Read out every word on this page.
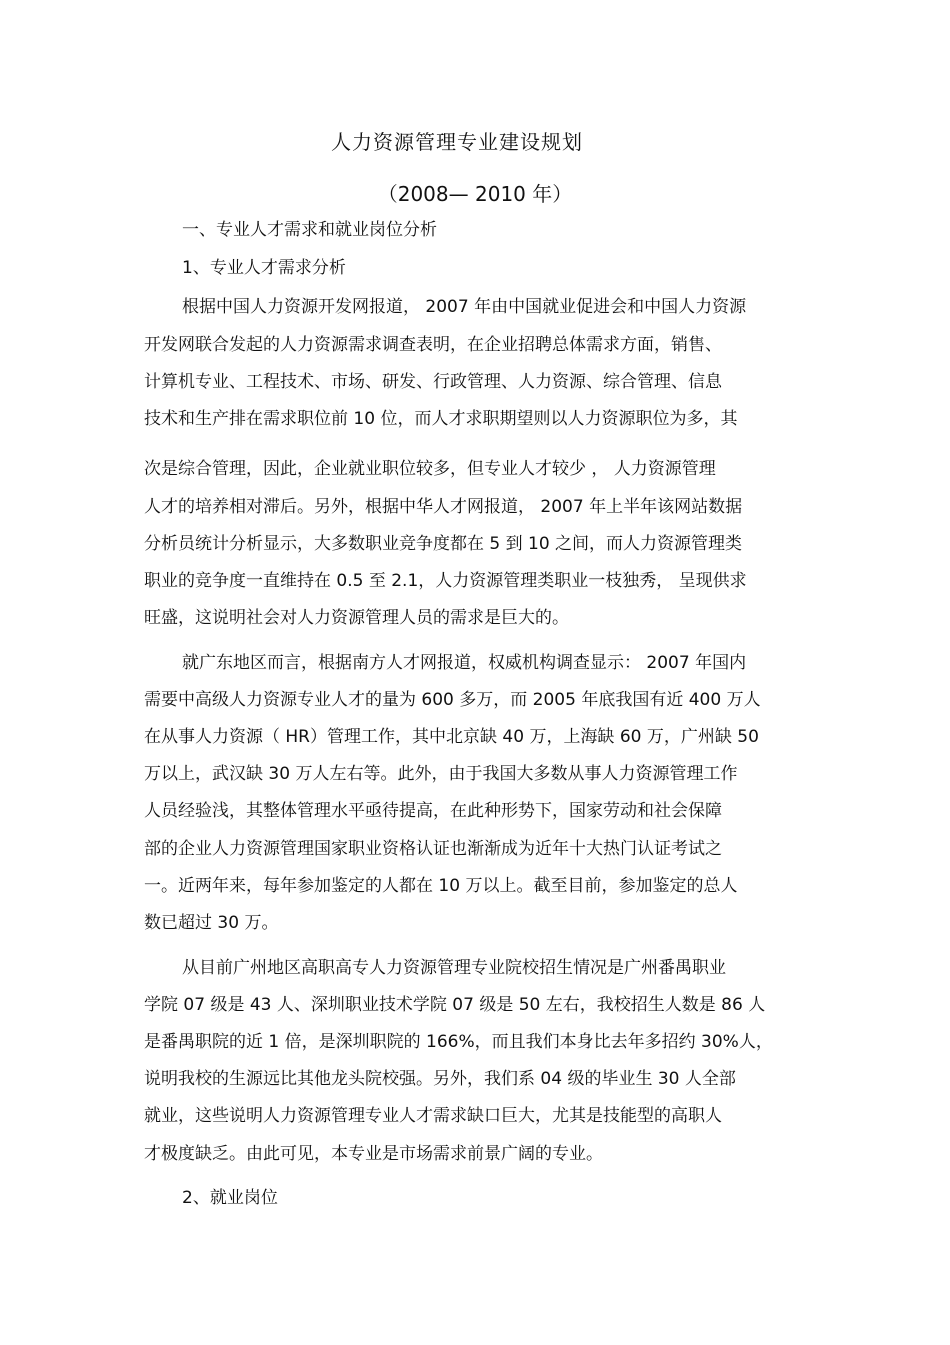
人力资源管理专业建设规划
（2008— 2010 年）
一、专业人才需求和就业岗位分析
1、专业人才需求分析
根据中国人力资源开发网报道， 2007 年由中国就业促进会和中国人力资源
开发网联合发起的人力资源需求调查表明，在企业招聘总体需求方面，销售、
计算机专业、工程技术、市场、研发、行政管理、人力资源、综合管理、信息
技术和生产排在需求职位前 10 位，而人才求职期望则以人力资源职位为多，其
次是综合管理，因此，企业就业职位较多，但专业人才较少 ， 人力资源管理
人才的培养相对滞后。另外，根据中华人才网报道， 2007 年上半年该网站数据
分析员统计分析显示，大多数职业竞争度都在 5 到 10 之间，而人力资源管理类
职业的竞争度一直维持在 0.5 至 2.1，人力资源管理类职业一枝独秀， 呈现供求
旺盛，这说明社会对人力资源管理人员的需求是巨大的。
就广东地区而言，根据南方人才网报道，权威机构调查显示： 2007 年国内
需要中高级人力资源专业人才的量为 600 多万，而 2005 年底我国有近 400 万人
在从事人力资源（ HR）管理工作，其中北京缺 40 万，上海缺 60 万，广州缺 50
万以上，武汉缺 30 万人左右等。此外，由于我国大多数从事人力资源管理工作
人员经验浅，其整体管理水平亟待提高，在此种形势下，国家劳动和社会保障
部的企业人力资源管理国家职业资格认证也渐渐成为近年十大热门认证考试之
一。近两年来，每年参加鉴定的人都在 10 万以上。截至目前，参加鉴定的总人
数已超过 30 万。
从目前广州地区高职高专人力资源管理专业院校招生情况是广州番禺职业
学院 07 级是 43 人、深圳职业技术学院 07 级是 50 左右，我校招生人数是 86 人
是番禺职院的近 1 倍，是深圳职院的 166%，而且我们本身比去年多招约 30%人，
说明我校的生源远比其他龙头院校强。另外，我们系 04 级的毕业生 30 人全部
就业，这些说明人力资源管理专业人才需求缺口巨大，尤其是技能型的高职人
才极度缺乏。由此可见，本专业是市场需求前景广阔的专业。
2、就业岗位
